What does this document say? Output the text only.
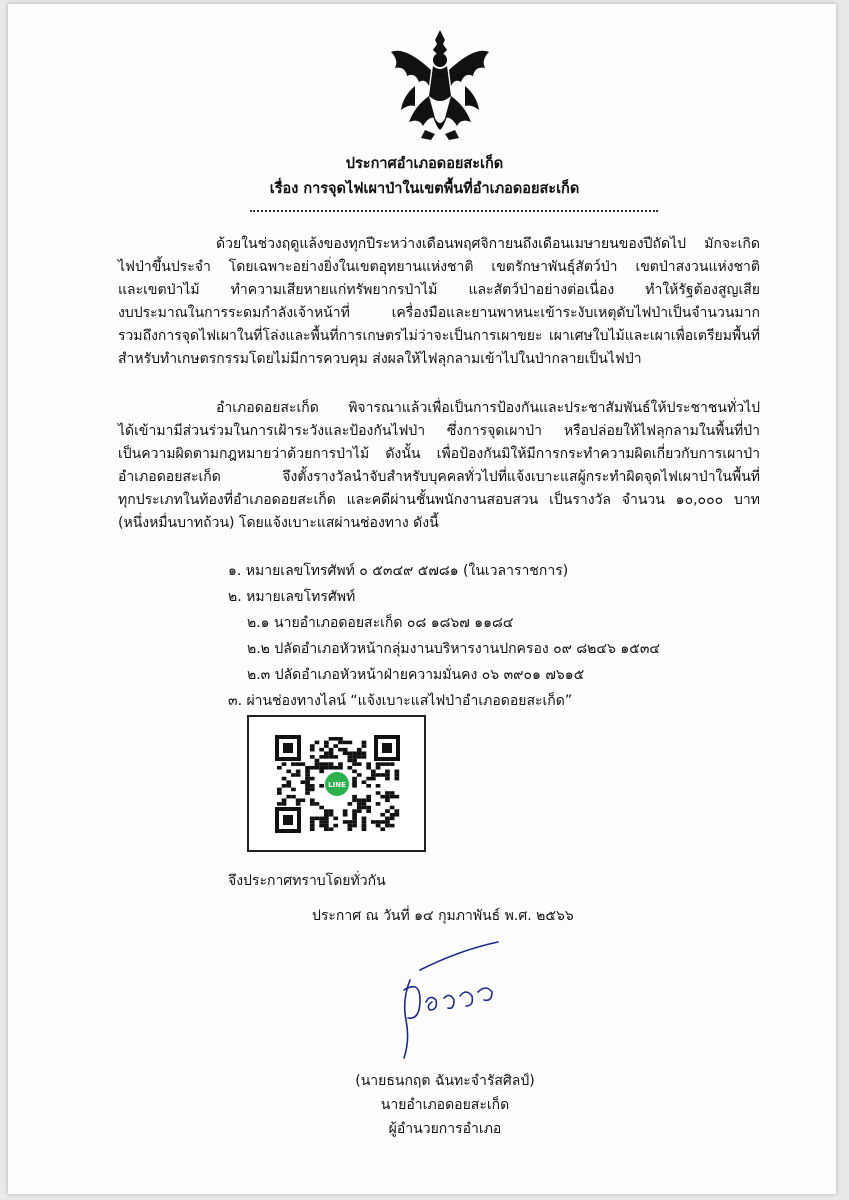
ประกาศอำเภอดอยสะเก็ด
เรื่อง การจุดไฟเผาป่าในเขตพื้นที่อำเภอดอยสะเก็ด
ด้วยในช่วงฤดูแล้งของทุกปีระหว่างเดือนพฤศจิกายนถึงเดือนเมษายนของปีถัดไป มักจะเกิด
ไฟป่าขึ้นประจำ โดยเฉพาะอย่างยิ่งในเขตอุทยานแห่งชาติ เขตรักษาพันธุ์สัตว์ป่า เขตป่าสงวนแห่งชาติ
และเขตป่าไม้ ทำความเสียหายแก่ทรัพยากรป่าไม้ และสัตว์ป่าอย่างต่อเนื่อง ทำให้รัฐต้องสูญเสีย
งบประมาณในการระดมกำลังเจ้าหน้าที่ เครื่องมือและยานพาหนะเข้าระงับเหตุดับไฟป่าเป็นจำนวนมาก
รวมถึงการจุดไฟเผาในที่โล่งและพื้นที่การเกษตรไม่ว่าจะเป็นการเผาขยะ เผาเศษใบไม้และเผาเพื่อเตรียมพื้นที่
สำหรับทำเกษตรกรรมโดยไม่มีการควบคุม ส่งผลให้ไฟลุกลามเข้าไปในป่ากลายเป็นไฟป่า
อำเภอดอยสะเก็ด พิจารณาแล้วเพื่อเป็นการป้องกันและประชาสัมพันธ์ให้ประชาชนทั่วไป
ได้เข้ามามีส่วนร่วมในการเฝ้าระวังและป้องกันไฟป่า ซึ่งการจุดเผาป่า หรือปล่อยให้ไฟลุกลามในพื้นที่ป่า
เป็นความผิดตามกฎหมายว่าด้วยการป่าไม้ ดังนั้น เพื่อป้องกันมิให้มีการกระทำความผิดเกี่ยวกับการเผาป่า
อำเภอดอยสะเก็ด จึงตั้งรางวัลนำจับสำหรับบุคคลทั่วไปที่แจ้งเบาะแสผู้กระทำผิดจุดไฟเผาป่าในพื้นที่
ทุกประเภทในท้องที่อำเภอดอยสะเก็ด และคดีผ่านชั้นพนักงานสอบสวน เป็นรางวัล จำนวน ๑๐,๐๐๐ บาท
(หนึ่งหมื่นบาทถ้วน) โดยแจ้งเบาะแสผ่านช่องทาง ดังนี้
๑. หมายเลขโทรศัพท์ ๐ ๕๓๔๙ ๕๗๘๑ (ในเวลาราชการ)
๒. หมายเลขโทรศัพท์
๒.๑ นายอำเภอดอยสะเก็ด ๐๘ ๑๘๖๗ ๑๑๘๔
๒.๒ ปลัดอำเภอหัวหน้ากลุ่มงานบริหารงานปกครอง ๐๙ ๘๒๔๖ ๑๕๓๔
๒.๓ ปลัดอำเภอหัวหน้าฝ่ายความมั่นคง ๐๖ ๓๙๐๑ ๗๖๑๕
๓. ผ่านช่องทางไลน์ “แจ้งเบาะแสไฟป่าอำเภอดอยสะเก็ด”
LINE
จึงประกาศทราบโดยทั่วกัน
ประกาศ ณ วันที่ ๑๔ กุมภาพันธ์ พ.ศ. ๒๕๖๖
(นายธนกฤต ฉันทะจำรัสศิลป์)
นายอำเภอดอยสะเก็ด
ผู้อำนวยการอำเภอ
